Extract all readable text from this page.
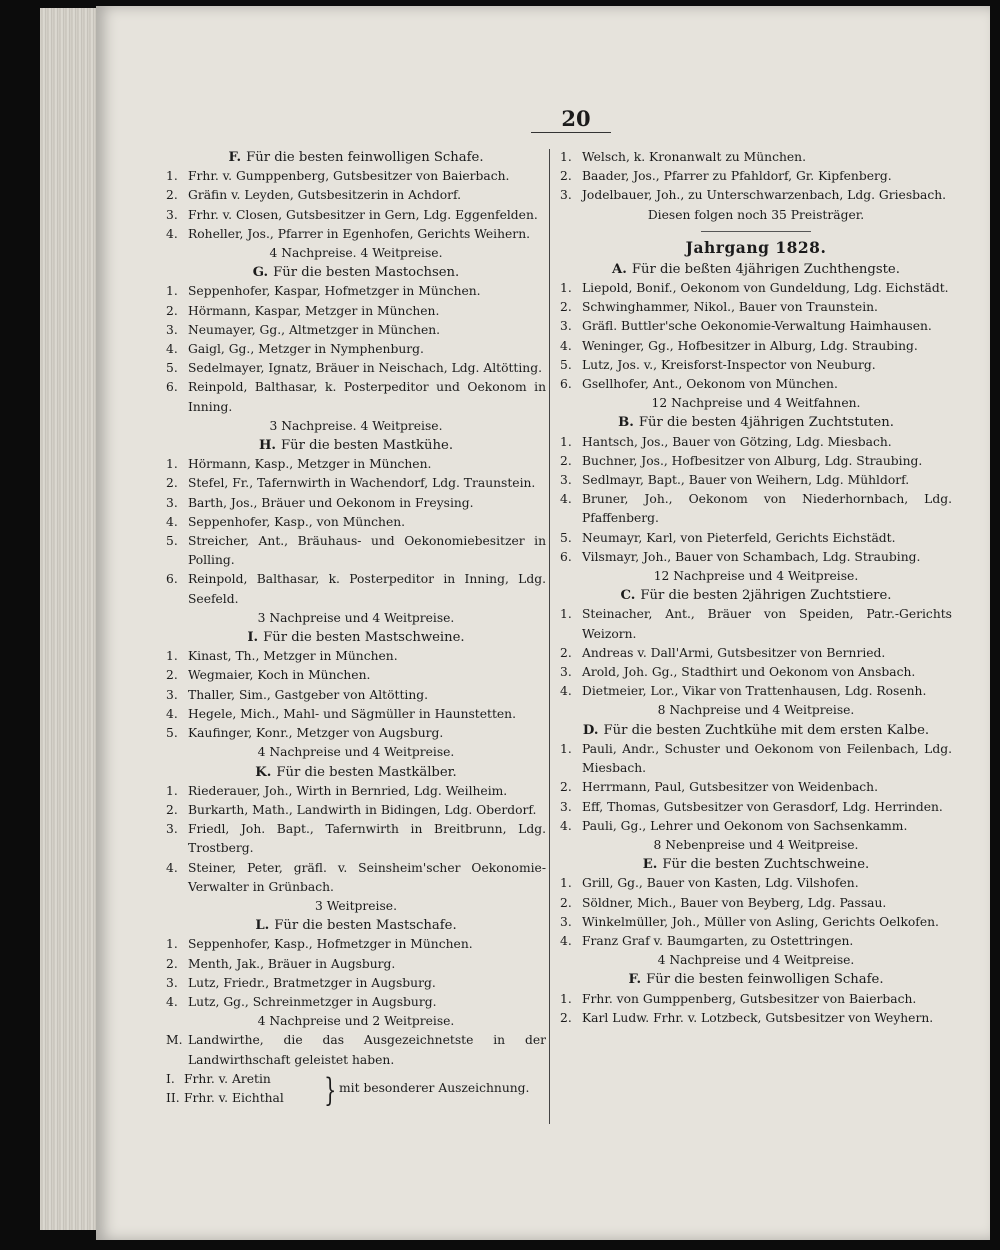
20
F. Für die besten feinwolligen Schafe.
1. Frhr. v. Gumppenberg, Gutsbesitzer von Baierbach.
2. Gräfin v. Leyden, Gutsbesitzerin in Achdorf.
3. Frhr. v. Closen, Gutsbesitzer in Gern, Ldg. Eggenfelden.
4. Roheller, Jos., Pfarrer in Egenhofen, Gerichts Weihern.
4 Nachpreise. 4 Weitpreise.
G. Für die besten Mastochsen.
1. Seppenhofer, Kaspar, Hofmetzger in München.
2. Hörmann, Kaspar, Metzger in München.
3. Neumayer, Gg., Altmetzger in München.
4. Gaigl, Gg., Metzger in Nymphenburg.
5. Sedelmayer, Ignatz, Bräuer in Neischach, Ldg. Altötting.
6. Reinpold, Balthasar, k. Posterpeditor und Oekonom in Inning.
3 Nachpreise. 4 Weitpreise.
H. Für die besten Mastkühe.
1. Hörmann, Kasp., Metzger in München.
2. Stefel, Fr., Tafernwirth in Wachendorf, Ldg. Traunstein.
3. Barth, Jos., Bräuer und Oekonom in Freysing.
4. Seppenhofer, Kasp., von München.
5. Streicher, Ant., Bräuhaus- und Oekonomiebesitzer in Polling.
6. Reinpold, Balthasar, k. Posterpeditor in Inning, Ldg. Seefeld.
3 Nachpreise und 4 Weitpreise.
I. Für die besten Mastschweine.
1. Kinast, Th., Metzger in München.
2. Wegmaier, Koch in München.
3. Thaller, Sim., Gastgeber von Altötting.
4. Hegele, Mich., Mahl- und Sägmüller in Haunstetten.
5. Kaufinger, Konr., Metzger von Augsburg.
4 Nachpreise und 4 Weitpreise.
K. Für die besten Mastkälber.
1. Riederauer, Joh., Wirth in Bernried, Ldg. Weilheim.
2. Burkarth, Math., Landwirth in Bidingen, Ldg. Oberdorf.
3. Friedl, Joh. Bapt., Tafernwirth in Breitbrunn, Ldg. Trostberg.
4. Steiner, Peter, gräfl. v. Seinsheim'scher Oekonomie-Verwalter in Grünbach.
3 Weitpreise.
L. Für die besten Mastschafe.
1. Seppenhofer, Kasp., Hofmetzger in München.
2. Menth, Jak., Bräuer in Augsburg.
3. Lutz, Friedr., Bratmetzger in Augsburg.
4. Lutz, Gg., Schreinmetzger in Augsburg.
4 Nachpreise und 2 Weitpreise.
M. Landwirthe, die das Ausgezeichnetste in der Landwirthschaft geleistet haben.
I. Frhr. v. Aretin
II. Frhr. v. Eichthal } mit besonderer Auszeichnung.
1. Welsch, k. Kronanwalt zu München.
2. Baader, Jos., Pfarrer zu Pfahldorf, Gr. Kipfenberg.
3. Jodelbauer, Joh., zu Unterschwarzenbach, Ldg. Griesbach.
Diesen folgen noch 35 Preisträger.
Jahrgang 1828.
A. Für die beßten 4jährigen Zuchthengste.
1. Liepold, Bonif., Oekonom von Gundeldung, Ldg. Eichstädt.
2. Schwinghammer, Nikol., Bauer von Traunstein.
3. Gräfl. Buttler'sche Oekonomie-Verwaltung Haimhausen.
4. Weninger, Gg., Hofbesitzer in Alburg, Ldg. Straubing.
5. Lutz, Jos. v., Kreisforst-Inspector von Neuburg.
6. Gsellhofer, Ant., Oekonom von München.
12 Nachpreise und 4 Weitfahnen.
B. Für die besten 4jährigen Zuchtstuten.
1. Hantsch, Jos., Bauer von Götzing, Ldg. Miesbach.
2. Buchner, Jos., Hofbesitzer von Alburg, Ldg. Straubing.
3. Sedlmayr, Bapt., Bauer von Weihern, Ldg. Mühldorf.
4. Bruner, Joh., Oekonom von Niederhornbach, Ldg. Pfaffenberg.
5. Neumayr, Karl, von Pieterfeld, Gerichts Eichstädt.
6. Vilsmayr, Joh., Bauer von Schambach, Ldg. Straubing.
12 Nachpreise und 4 Weitpreise.
C. Für die besten 2jährigen Zuchtstiere.
1. Steinacher, Ant., Bräuer von Speiden, Patr.-Gerichts Weizorn.
2. Andreas v. Dall'Armi, Gutsbesitzer von Bernried.
3. Arold, Joh. Gg., Stadthirt und Oekonom von Ansbach.
4. Dietmeier, Lor., Vikar von Trattenhausen, Ldg. Rosenh.
8 Nachpreise und 4 Weitpreise.
D. Für die besten Zuchtkühe mit dem ersten Kalbe.
1. Pauli, Andr., Schuster und Oekonom von Feilenbach, Ldg. Miesbach.
2. Herrmann, Paul, Gutsbesitzer von Weidenbach.
3. Eff, Thomas, Gutsbesitzer von Gerasdorf, Ldg. Herrinden.
4. Pauli, Gg., Lehrer und Oekonom von Sachsenkamm.
8 Nebenpreise und 4 Weitpreise.
E. Für die besten Zuchtschweine.
1. Grill, Gg., Bauer von Kasten, Ldg. Vilshofen.
2. Söldner, Mich., Bauer von Beyberg, Ldg. Passau.
3. Winkelmüller, Joh., Müller von Asling, Gerichts Oelkofen.
4. Franz Graf v. Baumgarten, zu Ostettringen.
4 Nachpreise und 4 Weitpreise.
F. Für die besten feinwolligen Schafe.
1. Frhr. von Gumppenberg, Gutsbesitzer von Baierbach.
2. Karl Ludw. Frhr. v. Lotzbeck, Gutsbesitzer von Weyhern.
